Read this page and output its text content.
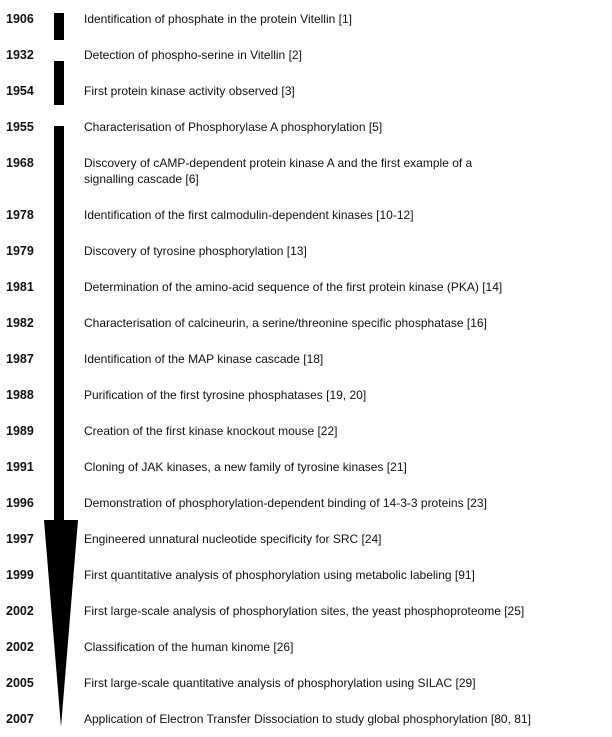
1906	Identification of phosphate in the protein Vitellin [1]
1932	Detection of phospho-serine in Vitellin [2]
1954	First protein kinase activity observed [3]
1955	Characterisation of Phosphorylase A phosphorylation [5]
1968	Discovery of cAMP-dependent protein kinase A and the first example of a
signalling cascade [6]
1978	Identification of the first calmodulin-dependent kinases [10-12]
1979	Discovery of tyrosine phosphorylation [13]
1981	Determination of the amino-acid sequence of the first protein kinase (PKA) [14]
1982	Characterisation of calcineurin, a serine/threonine specific phosphatase [16]
1987	Identification of the MAP kinase cascade [18]
1988	Purification of the first tyrosine phosphatases [19, 20]
1989	Creation of the first kinase knockout mouse [22]
1991	Cloning of JAK kinases, a new family of tyrosine kinases [21]
1996	Demonstration of phosphorylation-dependent binding of 14-3-3 proteins [23]
1997	Engineered unnatural nucleotide specificity for SRC [24]
1999	First quantitative analysis of phosphorylation using metabolic labeling [91]
2002	First large-scale analysis of phosphorylation sites, the yeast phosphoproteome [25]
2002	Classification of the human kinome [26]
2005	First large-scale quantitative analysis of phosphorylation using SILAC [29]
2007	Application of Electron Transfer Dissociation to study global phosphorylation [80, 81]
